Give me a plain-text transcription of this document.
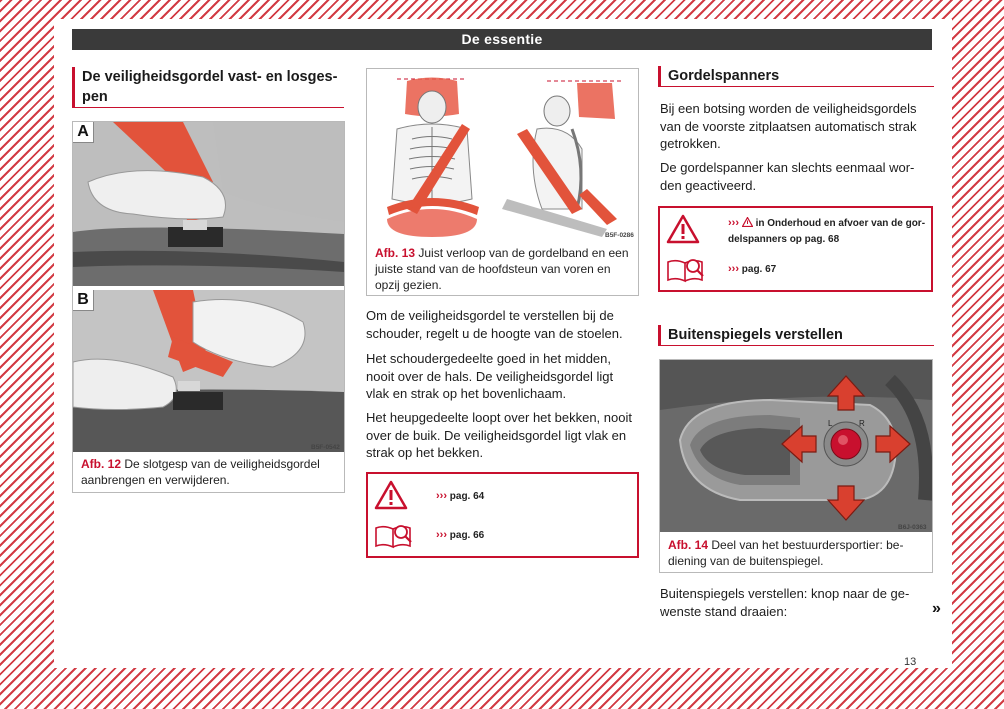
De essentie
De veiligheidsgordel vast- en losges-
pen
A
B
B5F-0542
Afb. 12 De slotgesp van de veiligheidsgordel aanbrengen en verwijderen.
B5F-0286
Afb. 13 Juist verloop van de gordelband en een juiste stand van de hoofdsteun van voren en opzij gezien.
Om de veiligheidsgordel te verstellen bij de schouder, regelt u de hoogte van de stoelen.
Het schoudergedeelte goed in het midden, nooit over de hals. De veiligheidsgordel ligt vlak en strak op het bovenlichaam.
Het heupgedeelte loopt over het bekken, nooit over de buik. De veiligheidsgordel ligt vlak en strak op het bekken.
››› pag. 64
››› pag. 66
Gordelspanners
Bij een botsing worden de veiligheidsgordels van de voorste zitplaatsen automatisch strak getrokken.
De gordelspanner kan slechts eenmaal wor-den geactiveerd.
››› in Onderhoud en afvoer van de gor-
delspanners op pag. 68
››› pag. 67
Buitenspiegels verstellen
L	R
B6J-0363
Afb. 14 Deel van het bestuurdersportier: be-diening van de buitenspiegel.
Buitenspiegels verstellen: knop naar de ge-wenste stand draaien:	»
13
